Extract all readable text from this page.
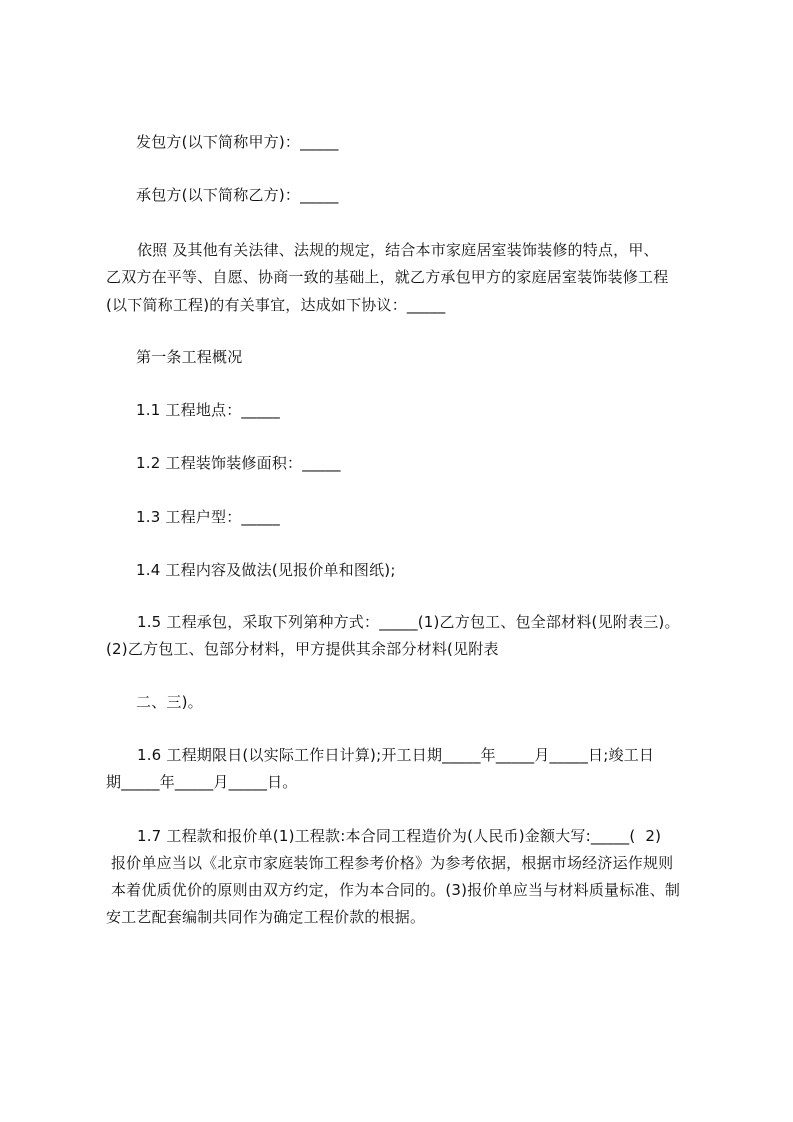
发包方(以下简称甲方)：_____
承包方(以下简称乙方)：_____
依照 及其他有关法律、法规的规定，结合本市家庭居室装饰装修的特点，甲、
乙双方在平等、自愿、协商一致的基础上，就乙方承包甲方的家庭居室装饰装修工程
(以下简称工程)的有关事宜，达成如下协议：_____
第一条工程概况
1.1 工程地点：_____
1.2 工程装饰装修面积：_____
1.3 工程户型：_____
1.4 工程内容及做法(见报价单和图纸);
1.5 工程承包，采取下列第种方式：_____(1)乙方包工、包全部材料(见附表三)。
(2)乙方包工、包部分材料，甲方提供其余部分材料(见附表
二、三)。
1.6 工程期限日(以实际工作日计算);开工日期_____年_____月_____日;竣工日
期_____年_____月_____日。
1.7 工程款和报价单(1)工程款:本合同工程造价为(人民币)金额大写:_____(  2)
报价单应当以《北京市家庭装饰工程参考价格》为参考依据，根据市场经济运作规则
本着优质优价的原则由双方约定，作为本合同的。(3)报价单应当与材料质量标准、制
安工艺配套编制共同作为确定工程价款的根据。
